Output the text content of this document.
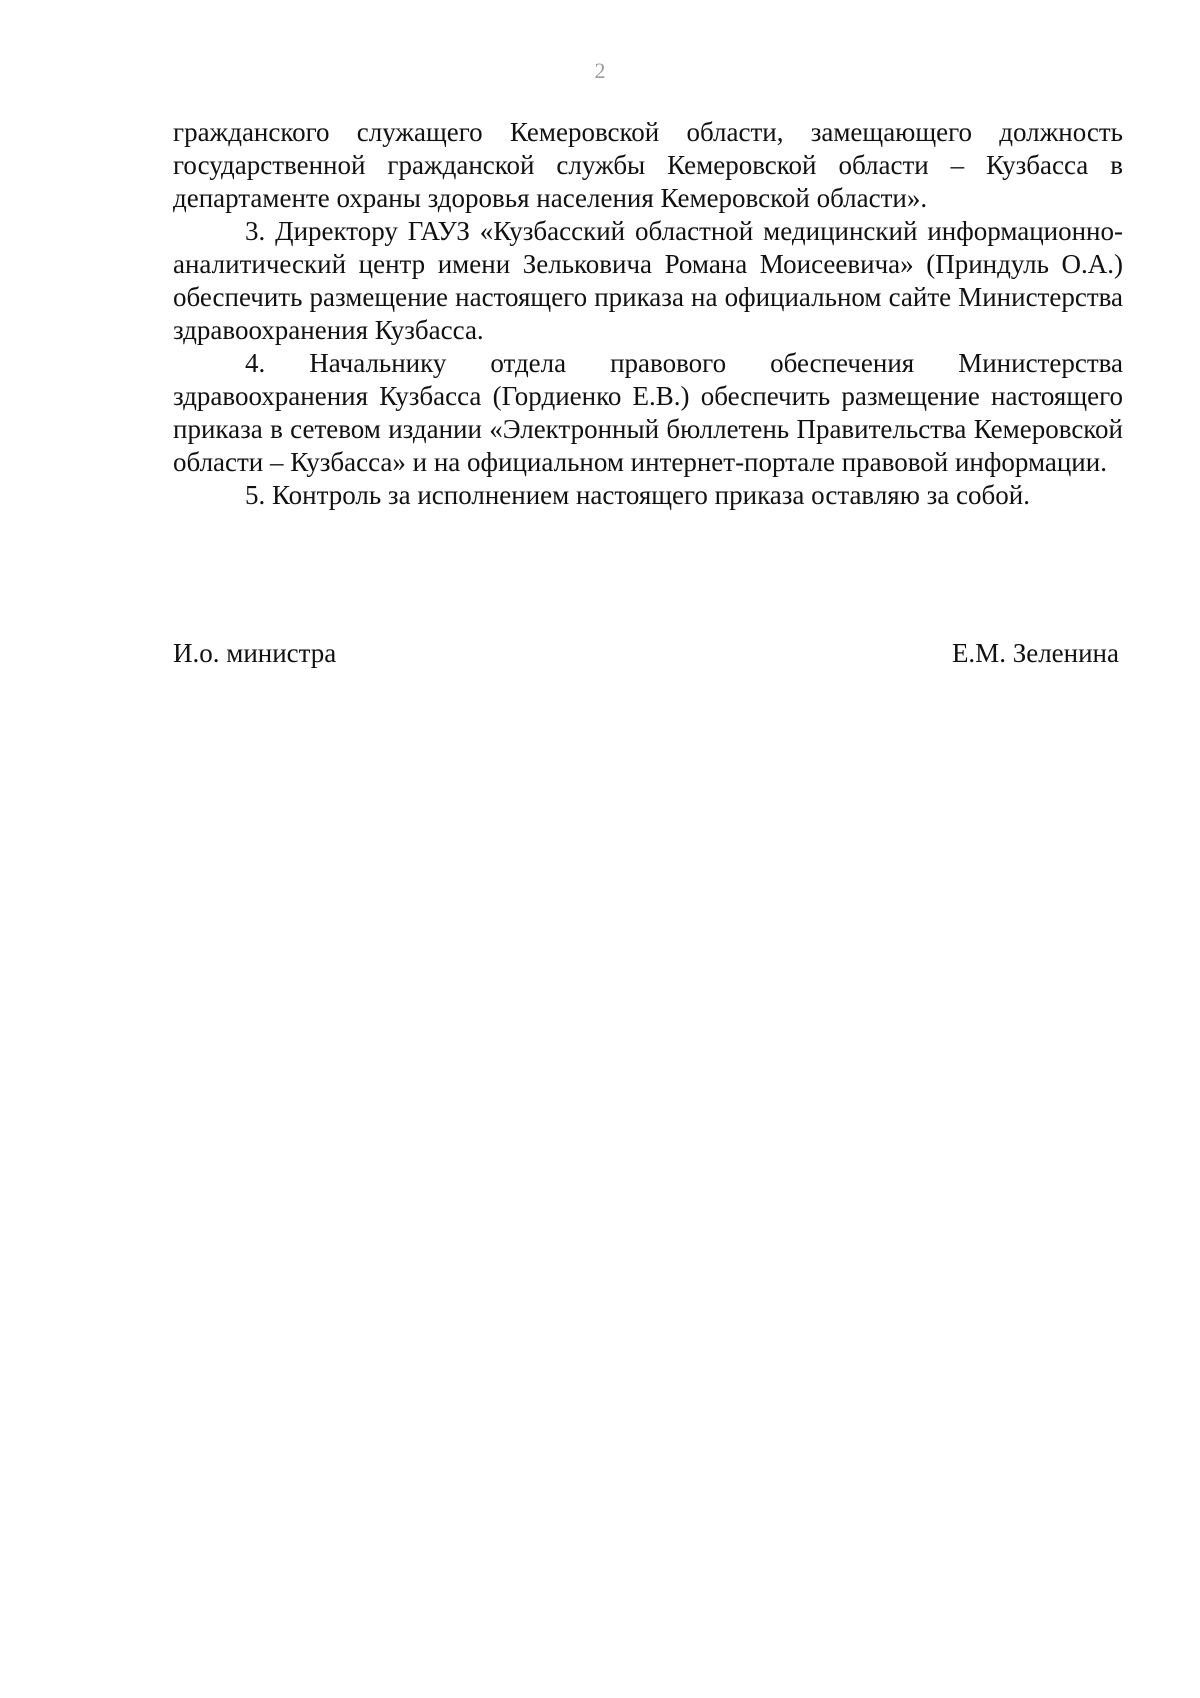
2

гражданского служащего Кемеровской области, замещающего должность государственной гражданской службы Кемеровской области – Кузбасса в департаменте охраны здоровья населения Кемеровской области».

3. Директору ГАУЗ «Кузбасский областной медицинский информационно-аналитический центр имени Зельковича Романа Моисеевича» (Приндуль О.А.) обеспечить размещение настоящего приказа на официальном сайте Министерства здравоохранения Кузбасса.

4. Начальнику отдела правового обеспечения Министерства здравоохранения Кузбасса (Гордиенко Е.В.) обеспечить размещение настоящего приказа в сетевом издании «Электронный бюллетень Правительства Кемеровской области – Кузбасса» и на официальном интернет-портале правовой информации.

5. Контроль за исполнением настоящего приказа оставляю за собой.

И.о. министра	Е.М. Зеленина
